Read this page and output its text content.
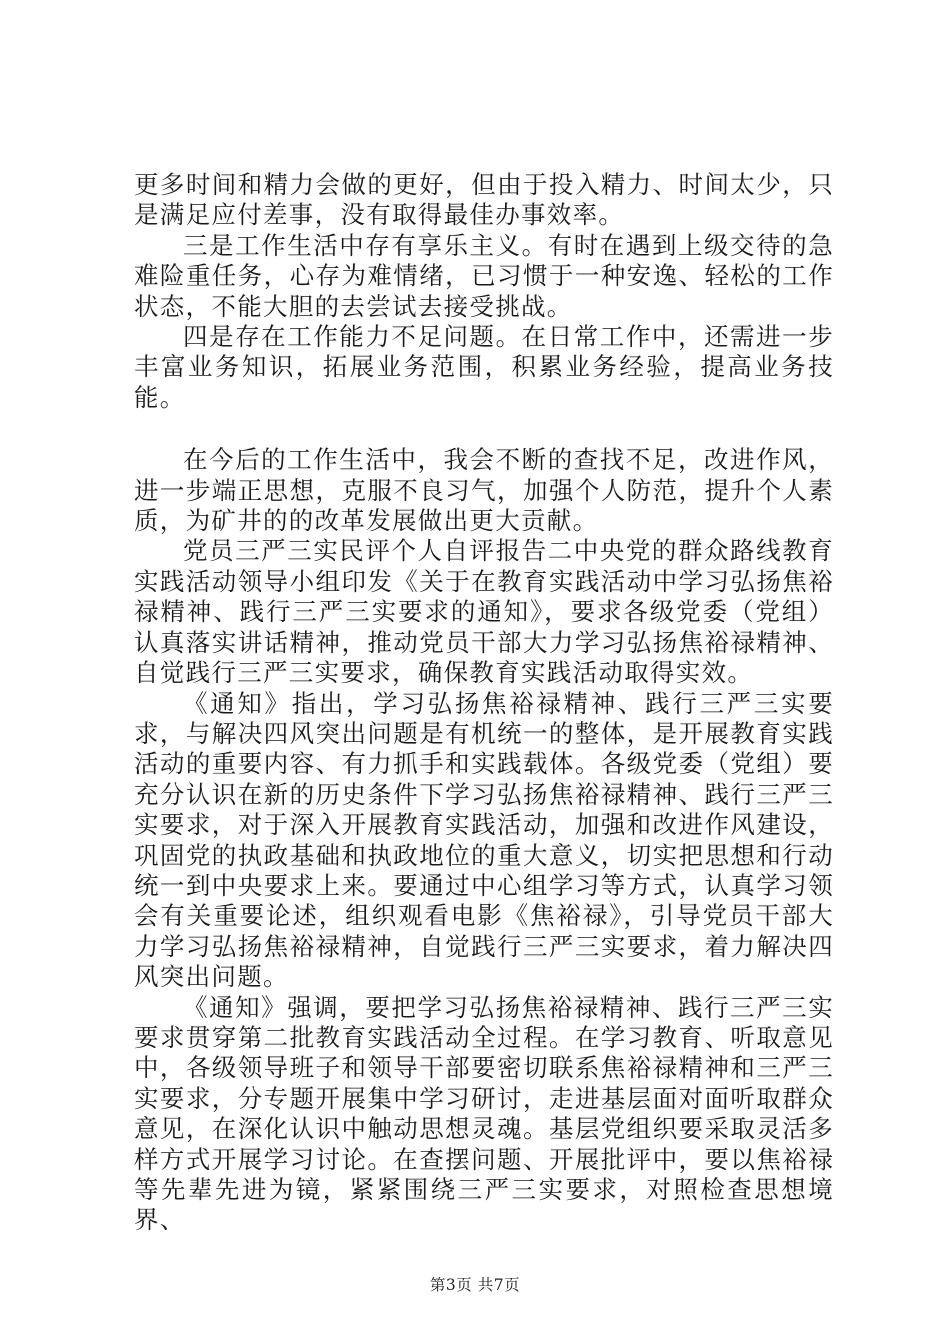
更多时间和精力会做的更好，但由于投入精力、时间太少，只是满足应付差事，没有取得最佳办事效率。

三是工作生活中存有享乐主义。有时在遇到上级交待的急难险重任务，心存为难情绪，已习惯于一种安逸、轻松的工作状态，不能大胆的去尝试去接受挑战。

四是存在工作能力不足问题。在日常工作中，还需进一步丰富业务知识，拓展业务范围，积累业务经验，提高业务技能。

在今后的工作生活中，我会不断的查找不足，改进作风，进一步端正思想，克服不良习气，加强个人防范，提升个人素质，为矿井的的改革发展做出更大贡献。

党员三严三实民评个人自评报告二中央党的群众路线教育实践活动领导小组印发《关于在教育实践活动中学习弘扬焦裕禄精神、践行三严三实要求的通知》，要求各级党委（党组）认真落实讲话精神，推动党员干部大力学习弘扬焦裕禄精神、自觉践行三严三实要求，确保教育实践活动取得实效。

《通知》指出，学习弘扬焦裕禄精神、践行三严三实要求，与解决四风突出问题是有机统一的整体，是开展教育实践活动的重要内容、有力抓手和实践载体。各级党委（党组）要充分认识在新的历史条件下学习弘扬焦裕禄精神、践行三严三实要求，对于深入开展教育实践活动，加强和改进作风建设，巩固党的执政基础和执政地位的重大意义，切实把思想和行动统一到中央要求上来。要通过中心组学习等方式，认真学习领会有关重要论述，组织观看电影《焦裕禄》，引导党员干部大力学习弘扬焦裕禄精神，自觉践行三严三实要求，着力解决四风突出问题。

《通知》强调，要把学习弘扬焦裕禄精神、践行三严三实要求贯穿第二批教育实践活动全过程。在学习教育、听取意见中，各级领导班子和领导干部要密切联系焦裕禄精神和三严三实要求，分专题开展集中学习研讨，走进基层面对面听取群众意见，在深化认识中触动思想灵魂。基层党组织要采取灵活多样方式开展学习讨论。在查摆问题、开展批评中，要以焦裕禄等先辈先进为镜，紧紧围绕三严三实要求，对照检查思想境界、

第3页 共7页
